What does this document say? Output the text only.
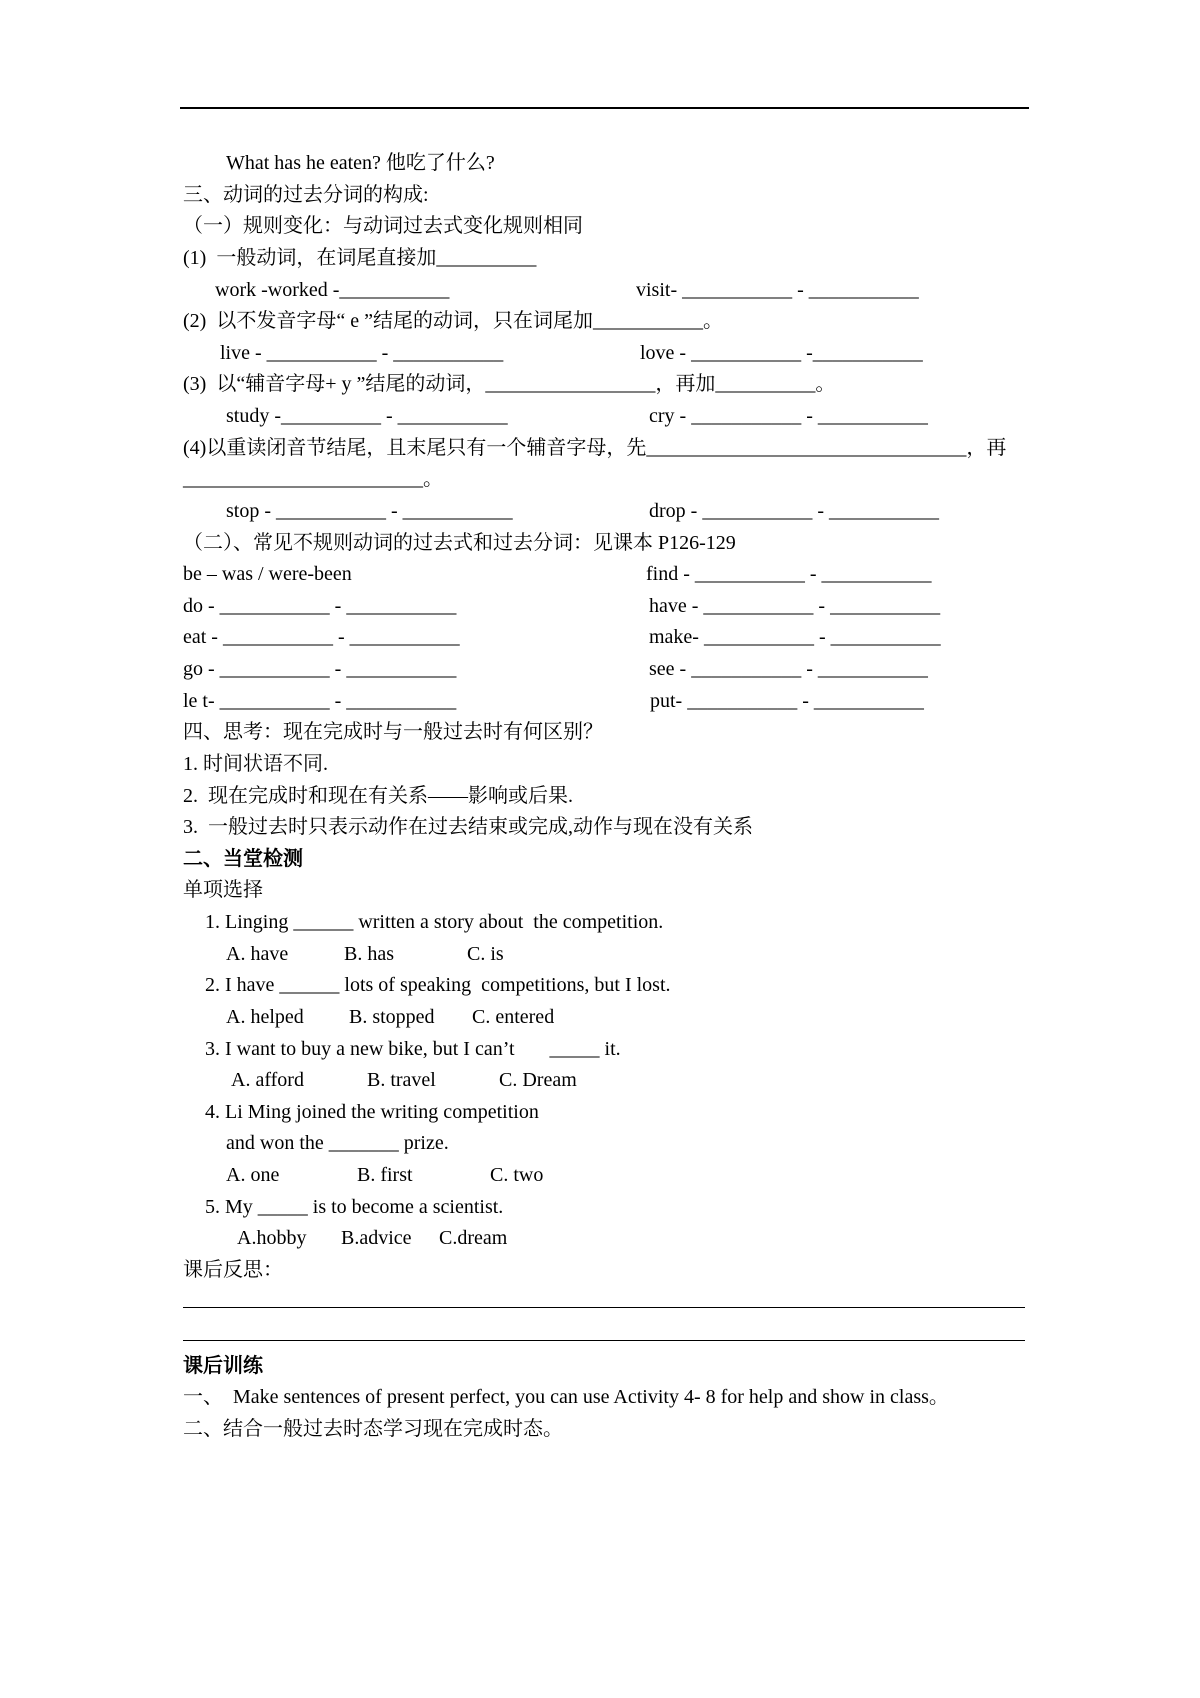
What has he eaten? 他吃了什么?
三、动词的过去分词的构成:
（一）规则变化：与动词过去式变化规则相同
(1)  一般动词，在词尾直接加__________
work -worked -___________	visit- ___________ - ___________
(2)  以不发音字母“ e ”结尾的动词，只在词尾加___________。
live - ___________ - ___________	love - ___________ -___________
(3)  以“辅音字母+ y ”结尾的动词，_________________，再加__________。
study -__________ - ___________	cry - ___________ - ___________
(4)以重读闭音节结尾，且末尾只有一个辅音字母，先________________________________，再
________________________。
stop - ___________ - ___________	drop - ___________ - ___________
（二）、常见不规则动词的过去式和过去分词：见课本 P126-129
be – was / were-been	find - ___________ - ___________
do - ___________ - ___________	have - ___________ - ___________
eat - ___________ - ___________	make- ___________ - ___________
go - ___________ - ___________	see - ___________ - ___________
le t- ___________ - ___________	put- ___________ - ___________
四、思考：现在完成时与一般过去时有何区别？
1. 时间状语不同.
2.  现在完成时和现在有关系——影响或后果.
3.  一般过去时只表示动作在过去结束或完成,动作与现在没有关系
二、当堂检测
单项选择
1. Linging ______ written a story about  the competition.
A. have	B. has	C. is
2. I have ______ lots of speaking  competitions, but I lost.
A. helped B. stopped C. entered
3. I want to buy a new bike, but I can’t       _____ it.
A. afford	B. travel	C. Dream
4. Li Ming joined the writing competition
and won the _______ prize.
A. one	B. first	C. two
5. My _____ is to become a scientist.
A.hobby B.advice C.dream
课后反思：
课后训练
一、  Make sentences of present perfect, you can use Activity 4- 8 for help and show in class。
二、结合一般过去时态学习现在完成时态。
